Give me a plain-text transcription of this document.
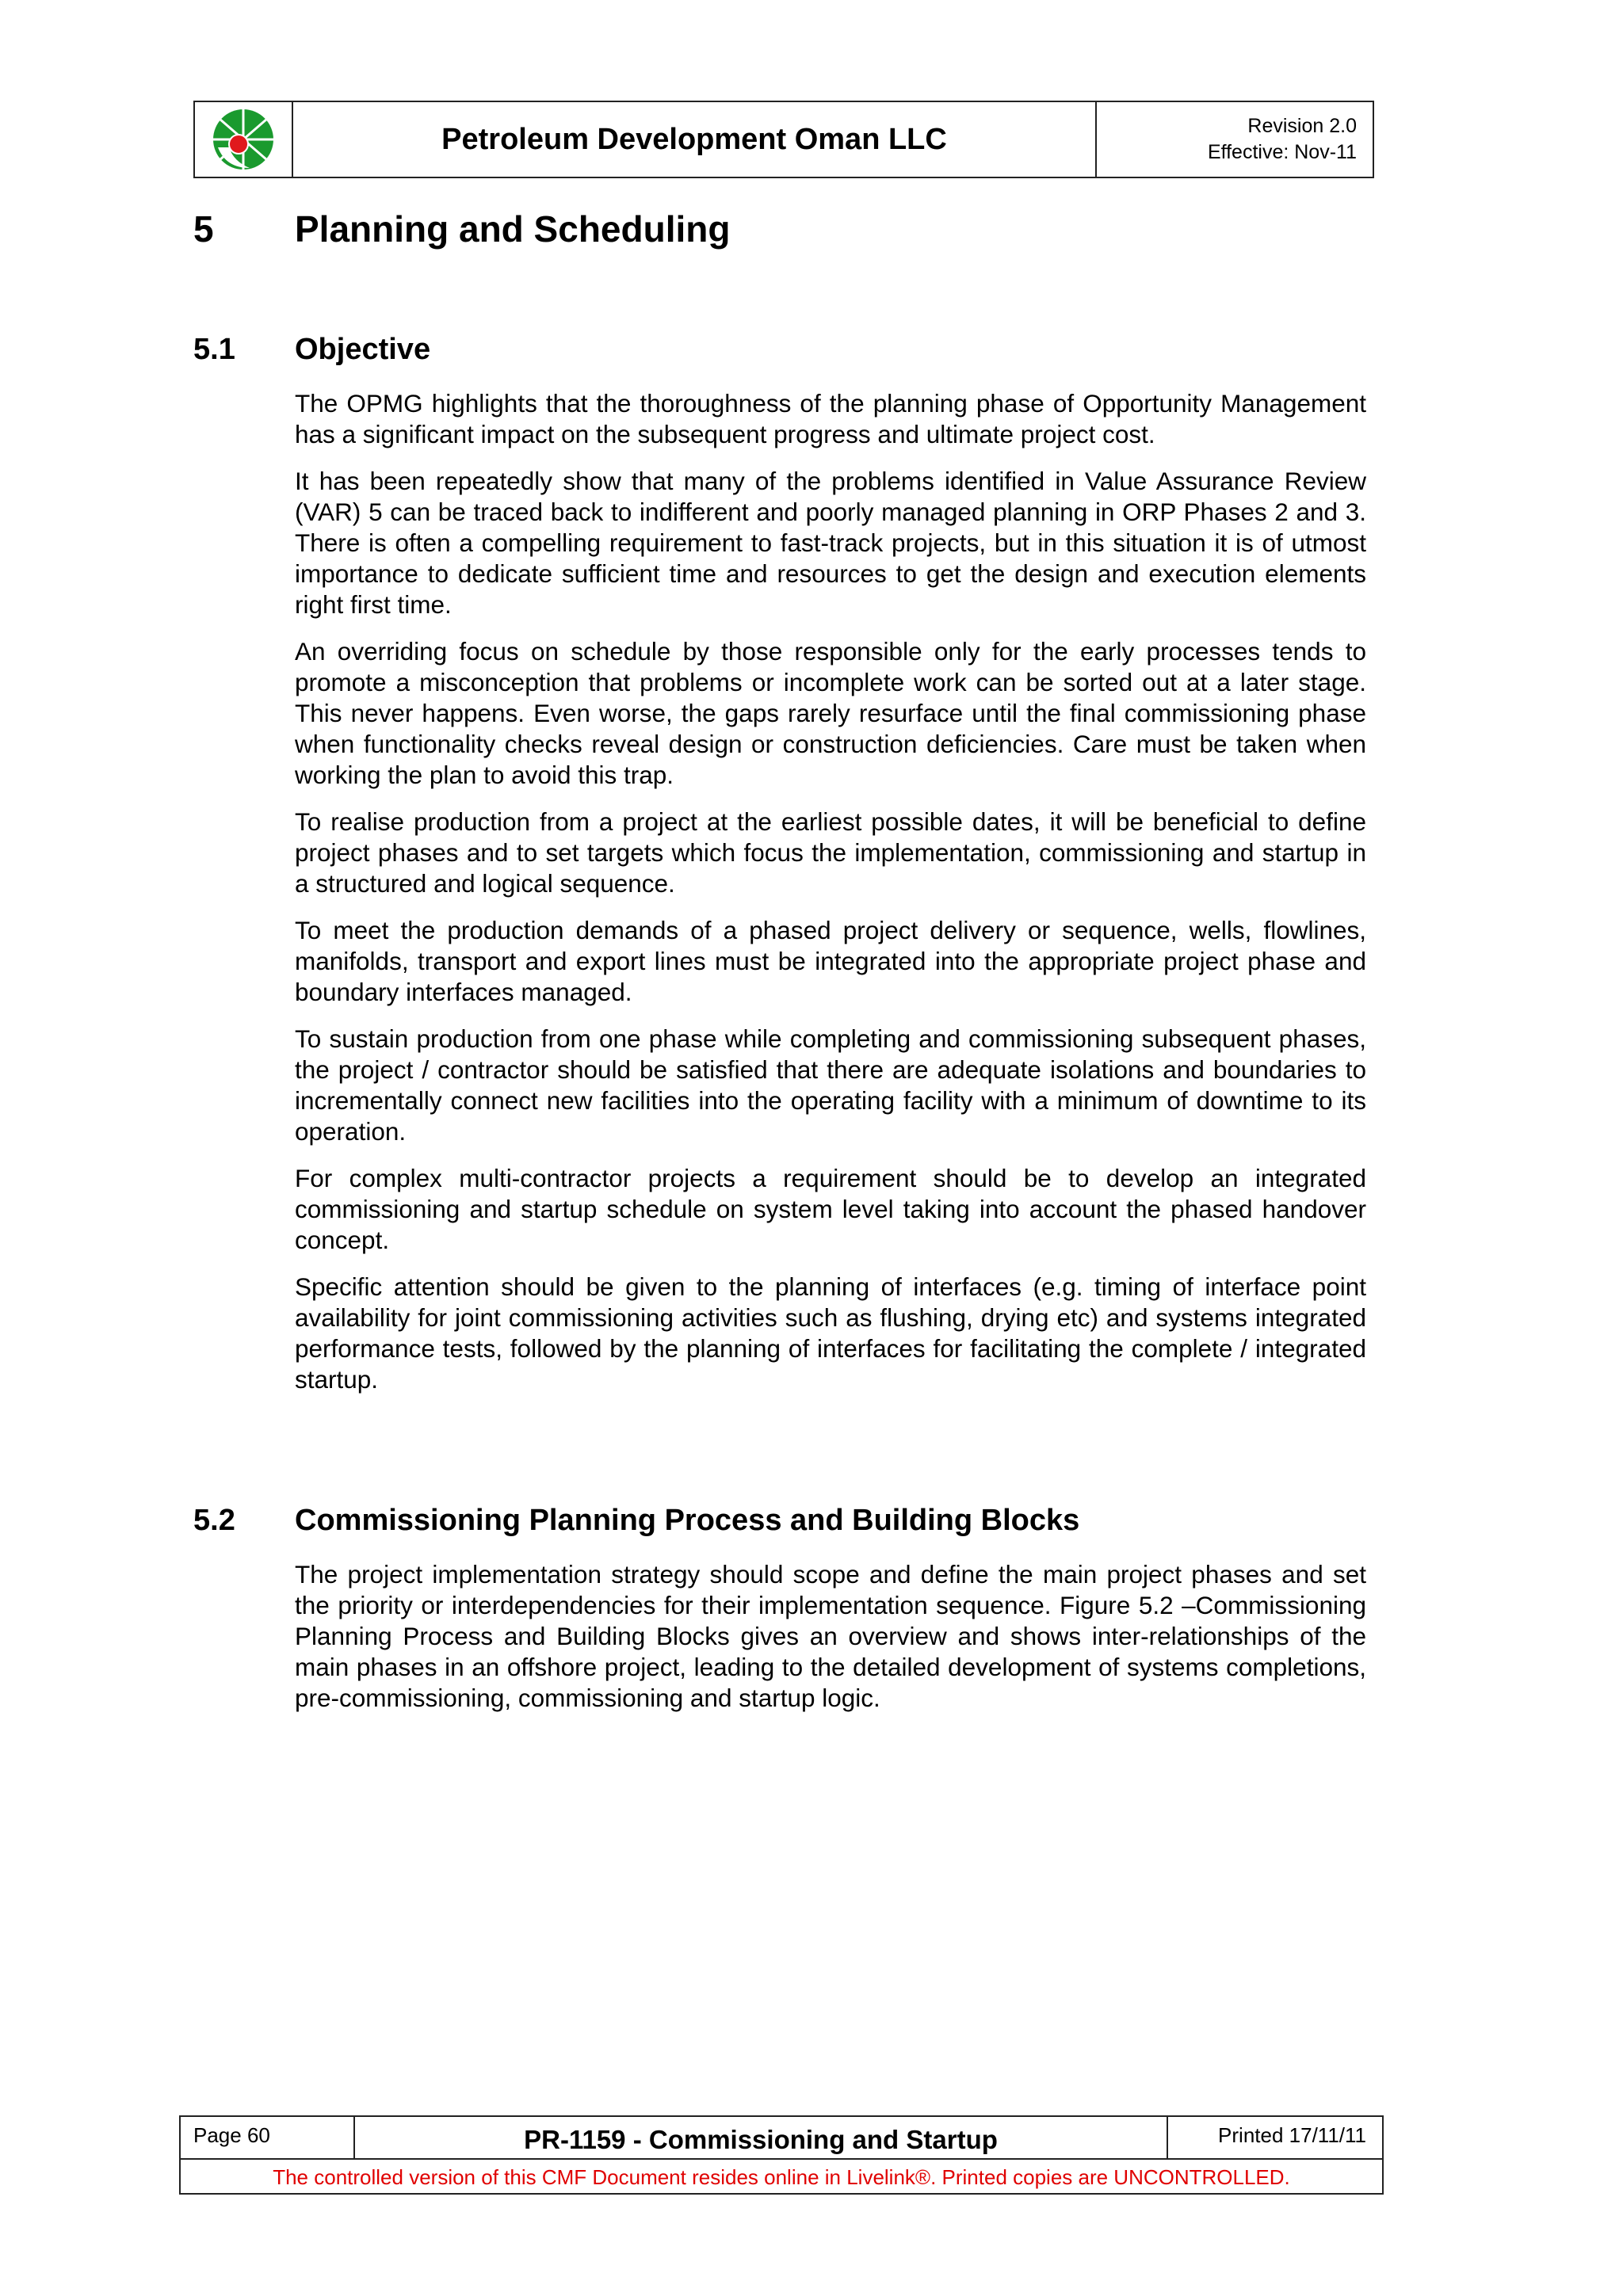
Petroleum Development Oman LLC	Revision 2.0
Effective: Nov-11
5	Planning and Scheduling
5.1	Objective

The OPMG highlights that the thoroughness of the planning phase of Opportunity Management has a significant impact on the subsequent progress and ultimate project cost.

It has been repeatedly show that many of the problems identified in Value Assurance Review (VAR) 5 can be traced back to indifferent and poorly managed planning in ORP Phases 2 and 3. There is often a compelling requirement to fast-track projects, but in this situation it is of utmost importance to dedicate sufficient time and resources to get the design and execution elements right first time.

An overriding focus on schedule by those responsible only for the early processes tends to promote a misconception that problems or incomplete work can be sorted out at a later stage. This never happens. Even worse, the gaps rarely resurface until the final commissioning phase when functionality checks reveal design or construction deficiencies. Care must be taken when working the plan to avoid this trap.

To realise production from a project at the earliest possible dates, it will be beneficial to define project phases and to set targets which focus the implementation, commissioning and startup in a structured and logical sequence.

To meet the production demands of a phased project delivery or sequence, wells, flowlines, manifolds, transport and export lines must be integrated into the appropriate project phase and boundary interfaces managed.

To sustain production from one phase while completing and commissioning subsequent phases, the project / contractor should be satisfied that there are adequate isolations and boundaries to incrementally connect new facilities into the operating facility with a minimum of downtime to its operation.

For complex multi-contractor projects a requirement should be to develop an integrated commissioning and startup schedule on system level taking into account the phased handover concept.

Specific attention should be given to the planning of interfaces (e.g. timing of interface point availability for joint commissioning activities such as flushing, drying etc) and systems integrated performance tests, followed by the planning of interfaces for facilitating the complete / integrated startup.

5.2	Commissioning Planning Process and Building Blocks

The project implementation strategy should scope and define the main project phases and set the priority or interdependencies for their implementation sequence. Figure 5.2 –Commissioning Planning Process and Building Blocks gives an overview and shows inter-relationships of the main phases in an offshore project, leading to the detailed development of systems completions, pre-commissioning, commissioning and startup logic.

Page 60	PR-1159 - Commissioning and Startup	Printed 17/11/11
The controlled version of this CMF Document resides online in Livelink®. Printed copies are UNCONTROLLED.
